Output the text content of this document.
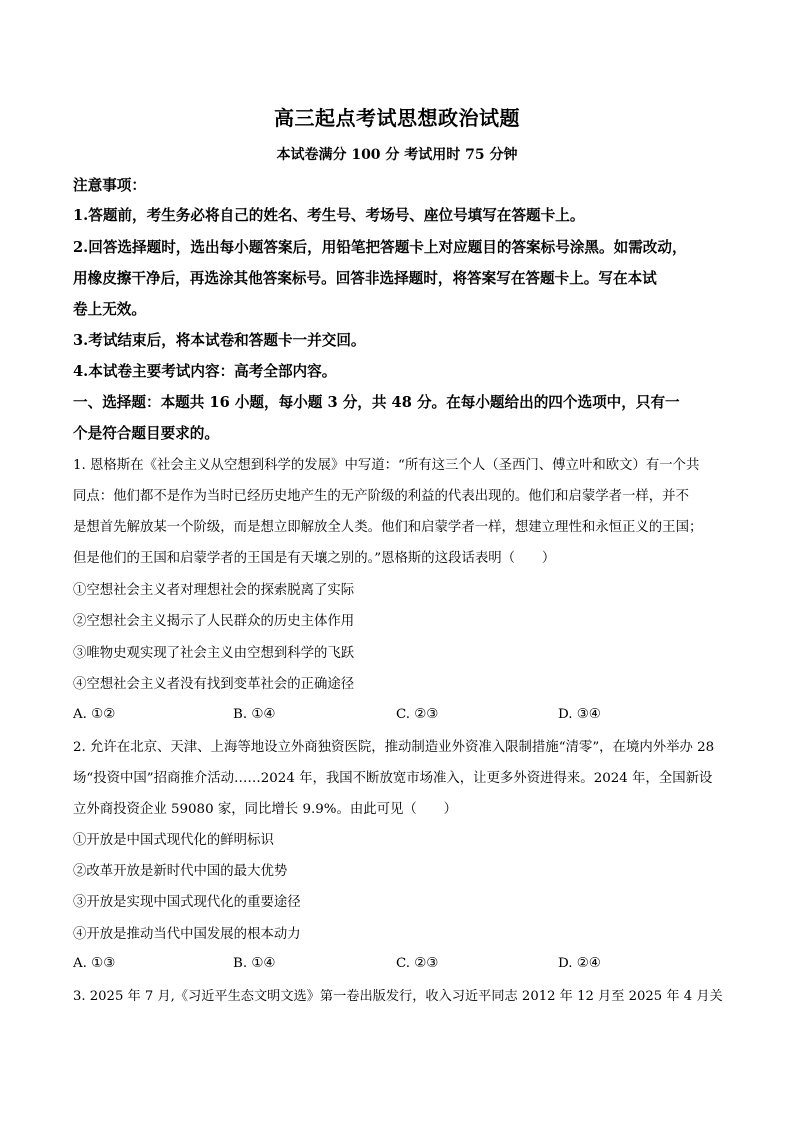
高三起点考试思想政治试题
本试卷满分 100 分 考试用时 75 分钟
注意事项：
1.答题前，考生务必将自己的姓名、考生号、考场号、座位号填写在答题卡上。
2.回答选择题时，选出每小题答案后，用铅笔把答题卡上对应题目的答案标号涂黑。如需改动，
用橡皮擦干净后，再选涂其他答案标号。回答非选择题时，将答案写在答题卡上。写在本试
卷上无效。
3.考试结束后，将本试卷和答题卡一并交回。
4.本试卷主要考试内容：高考全部内容。
一、选择题：本题共 16 小题，每小题 3 分，共 48 分。在每小题给出的四个选项中，只有一
个是符合题目要求的。
1. 恩格斯在《社会主义从空想到科学的发展》中写道：“所有这三个人（圣西门、傅立叶和欧文）有一个共
同点：他们都不是作为当时已经历史地产生的无产阶级的利益的代表出现的。他们和启蒙学者一样，并不
是想首先解放某一个阶级，而是想立即解放全人类。他们和启蒙学者一样，想建立理性和永恒正义的王国；
但是他们的王国和启蒙学者的王国是有天壤之别的。”恩格斯的这段话表明（　　）
①空想社会主义者对理想社会的探索脱离了实际
②空想社会主义揭示了人民群众的历史主体作用
③唯物史观实现了社会主义由空想到科学的飞跃
④空想社会主义者没有找到变革社会的正确途径
A. ①②	B. ①④	C. ②③	D. ③④
2. 允许在北京、天津、上海等地设立外商独资医院，推动制造业外资准入限制措施“清零”，在境内外举办 28
场“投资中国”招商推介活动……2024 年，我国不断放宽市场准入，让更多外资进得来。2024 年，全国新设
立外商投资企业 59080 家，同比增长 9.9%。由此可见（　　）
①开放是中国式现代化的鲜明标识
②改革开放是新时代中国的最大优势
③开放是实现中国式现代化的重要途径
④开放是推动当代中国发展的根本动力
A. ①③	B. ①④	C. ②③	D. ②④
3. 2025 年 7 月,《习近平生态文明文选》第一卷出版发行，收入习近平同志 2012 年 12 月至 2025 年 4 月关
